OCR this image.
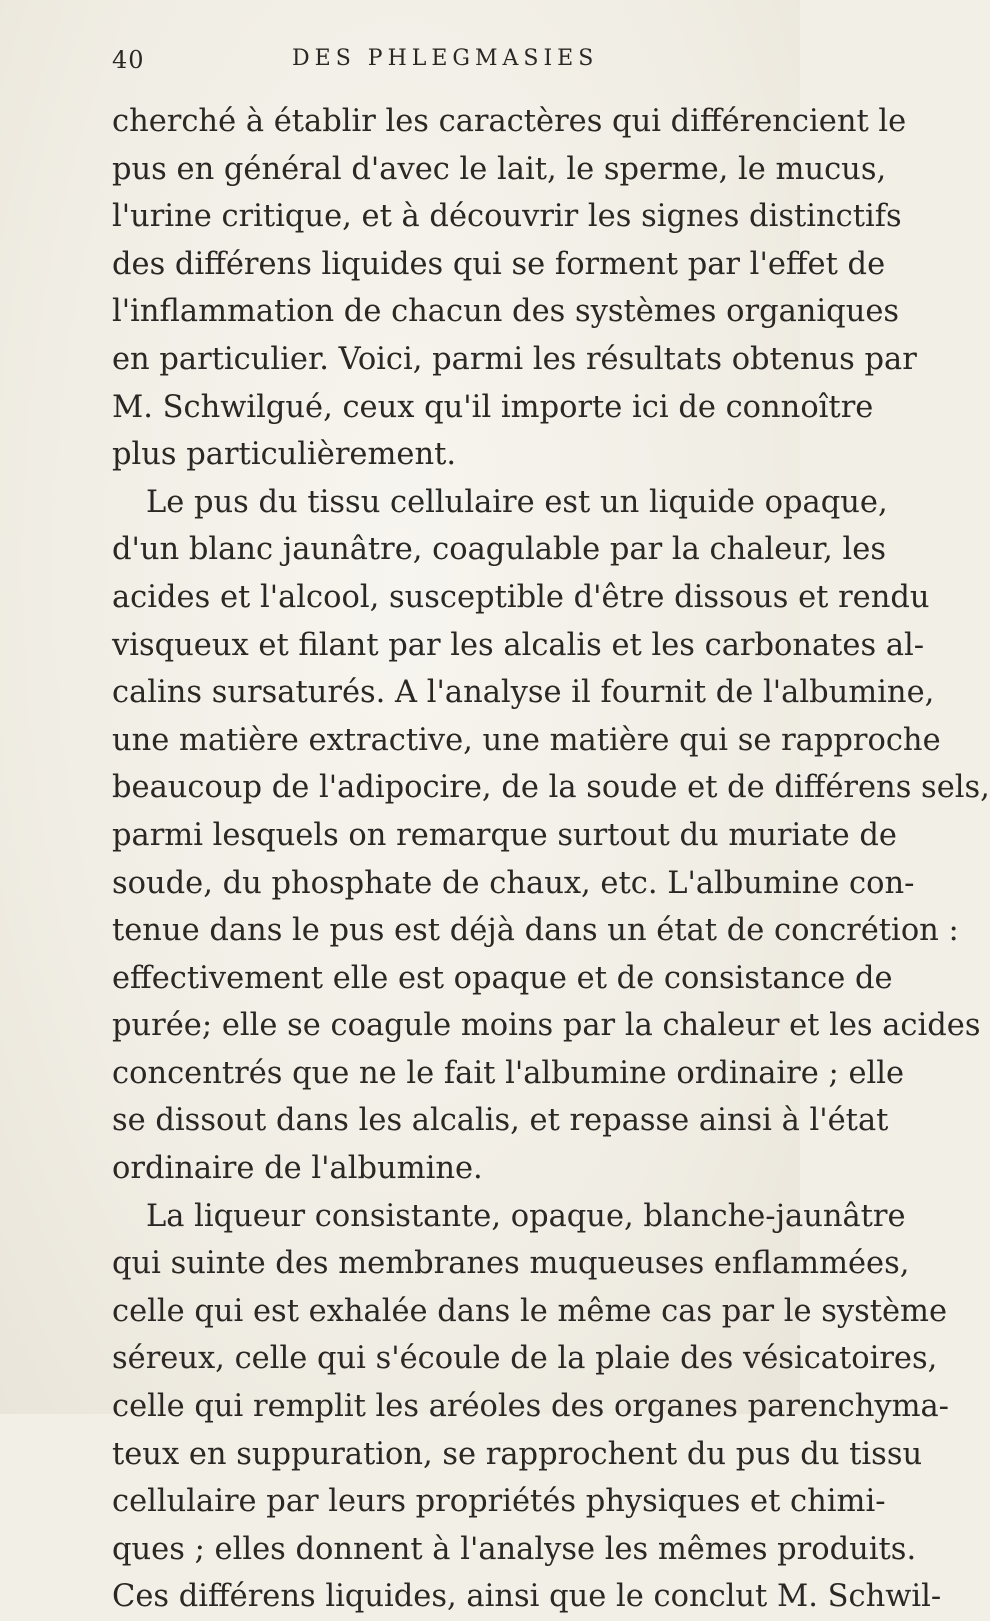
40	DES PHLEGMASIES
cherché à établir les caractères qui différencient le
pus en général d'avec le lait, le sperme, le mucus,
l'urine critique, et à découvrir les signes distinctifs
des différens liquides qui se forment par l'effet de
l'inflammation de chacun des systèmes organiques
en particulier. Voici, parmi les résultats obtenus par
M. Schwilgué, ceux qu'il importe ici de connoître
plus particulièrement.
Le pus du tissu cellulaire est un liquide opaque,
d'un blanc jaunâtre, coagulable par la chaleur, les
acides et l'alcool, susceptible d'être dissous et rendu
visqueux et filant par les alcalis et les carbonates al-
calins sursaturés. A l'analyse il fournit de l'albumine,
une matière extractive, une matière qui se rapproche
beaucoup de l'adipocire, de la soude et de différens sels,
parmi lesquels on remarque surtout du muriate de
soude, du phosphate de chaux, etc. L'albumine con-
tenue dans le pus est déjà dans un état de concrétion :
effectivement elle est opaque et de consistance de
purée; elle se coagule moins par la chaleur et les acides
concentrés que ne le fait l'albumine ordinaire ; elle
se dissout dans les alcalis, et repasse ainsi à l'état
ordinaire de l'albumine.
La liqueur consistante, opaque, blanche-jaunâtre
qui suinte des membranes muqueuses enflammées,
celle qui est exhalée dans le même cas par le système
séreux, celle qui s'écoule de la plaie des vésicatoires,
celle qui remplit les aréoles des organes parenchyma-
teux en suppuration, se rapprochent du pus du tissu
cellulaire par leurs propriétés physiques et chimi-
ques ; elles donnent à l'analyse les mêmes produits.
Ces différens liquides, ainsi que le conclut M. Schwil-
